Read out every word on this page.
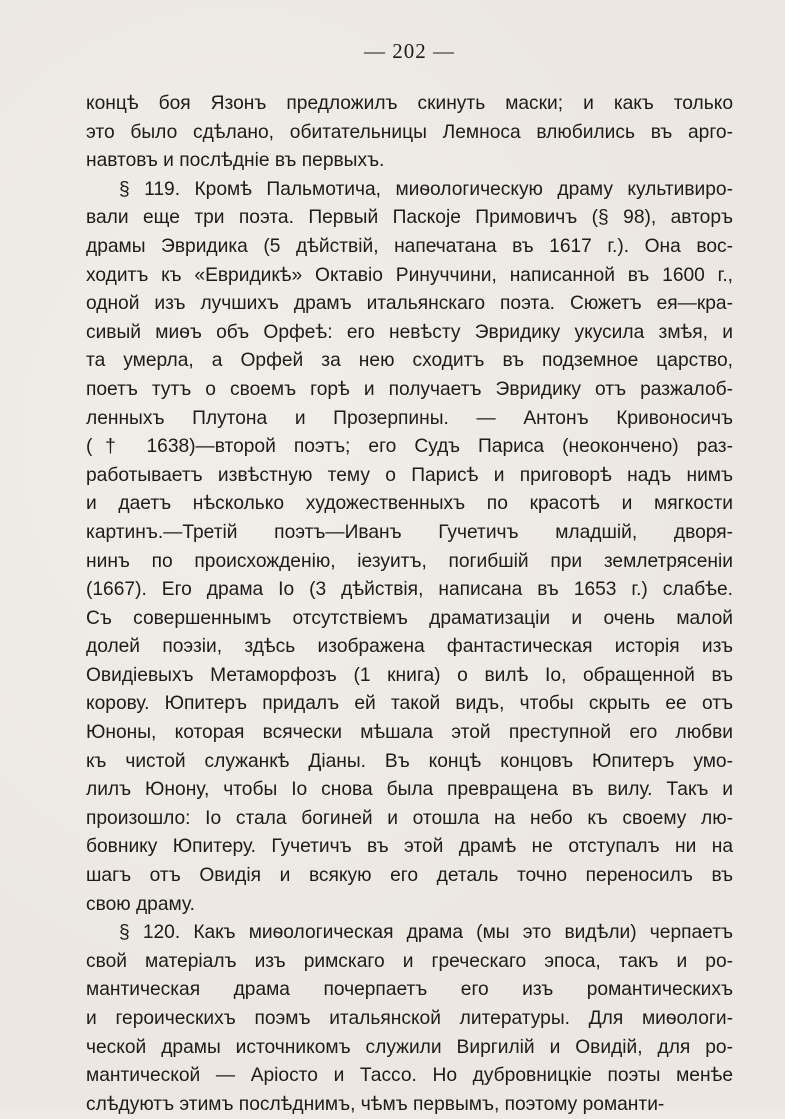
— 202 —
концѣ боя Язонъ предложилъ скинуть маски; и какъ только
это было сдѣлано, обитательницы Лемноса влюбились въ арго-
навтовъ и послѣдніе въ первыхъ.
§ 119. Кромѣ Пальмотича, миѳологическую драму культивиро-
вали еще три поэта. Первый Паскоје Примовичъ (§ 98), авторъ
драмы Эвридика (5 дѣйствій, напечатана въ 1617 г.). Она вос-
ходитъ къ «Евридикѣ» Октавіо Ринуччини, написанной въ 1600 г.,
одной изъ лучшихъ драмъ итальянскаго поэта. Сюжетъ ея—кра-
сивый миѳъ объ Орфеѣ: его невѣсту Эвридику укусила змѣя, и
та умерла, а Орфей за нею сходитъ въ подземное царство,
поетъ тутъ о своемъ горѣ и получаетъ Эвридику отъ разжалоб-
ленныхъ Плутона и Прозерпины. — Антонъ Кривоносичъ
(† 1638)—второй поэтъ; его Судъ Париса (неокончено) раз-
работываетъ извѣстную тему о Парисѣ и приговорѣ надъ нимъ
и даетъ нѣсколько художественныхъ по красотѣ и мягкости
картинъ.—Третій поэтъ—Иванъ Гучетичъ младшій, дворя-
нинъ по происхожденію, іезуитъ, погибшій при землетрясеніи
(1667). Его драма Іо (3 дѣйствія, написана въ 1653 г.) слабѣе.
Съ совершеннымъ отсутствіемъ драматизаціи и очень малой
долей поэзіи, здѣсь изображена фантастическая исторія изъ
Овидіевыхъ Метаморфозъ (1 книга) о вилѣ Іо, обращенной въ
корову. Юпитеръ придалъ ей такой видъ, чтобы скрыть ее отъ
Юноны, которая всячески мѣшала этой преступной его любви
къ чистой служанкѣ Діаны. Въ концѣ концовъ Юпитеръ умо-
лилъ Юнону, чтобы Іо снова была превращена въ вилу. Такъ и
произошло: Іо стала богиней и отошла на небо къ своему лю-
бовнику Юпитеру. Гучетичъ въ этой драмѣ не отступалъ ни на
шагъ отъ Овидія и всякую его деталь точно переносилъ въ
свою драму.
§ 120. Какъ миѳологическая драма (мы это видѣли) черпаетъ
свой матеріалъ изъ римскаго и греческаго эпоса, такъ и ро-
мантическая драма почерпаетъ его изъ романтическихъ
и героическихъ поэмъ итальянской литературы. Для миѳологи-
ческой драмы источникомъ служили Виргилій и Овидій, для ро-
мантической — Аріосто и Тассо. Но дубровницкіе поэты менѣе
слѣдуютъ этимъ послѣднимъ, чѣмъ первымъ, поэтому романти-
